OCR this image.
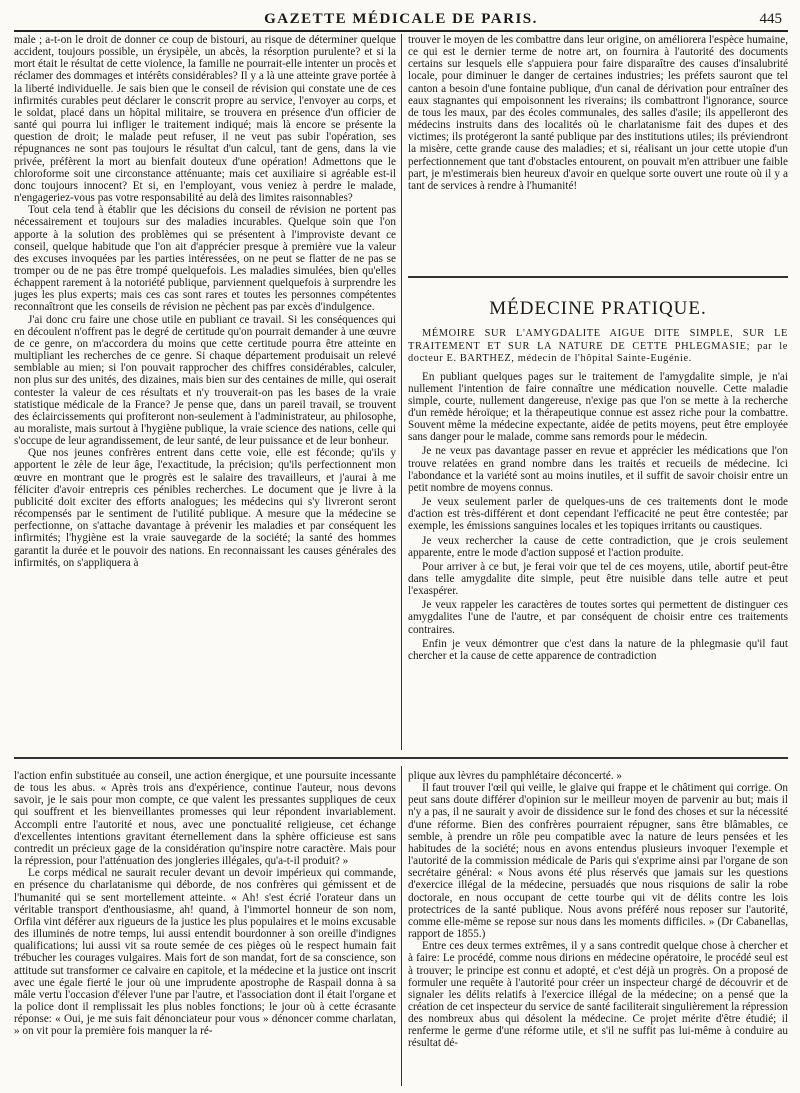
GAZETTE MÉDICALE DE PARIS.	445

male ; a-t-on le droit de donner ce coup de bistouri, au risque de déterminer quelque accident, toujours possible, un érysipèle, un abcès, la résorption purulente? et si la mort était le résultat de cette violence, la famille ne pourrait-elle intenter un procès et réclamer des dommages et intérêts considérables? Il y a là une atteinte grave portée à la liberté individuelle. Je sais bien que le conseil de révision qui constate une de ces infirmités curables peut déclarer le conscrit propre au service, l'envoyer au corps, et le soldat, placé dans un hôpital militaire, se trouvera en présence d'un officier de santé qui pourra lui infliger le traitement indiqué; mais là encore se présente la question de droit; le malade peut refuser, il ne veut pas subir l'opération, ses répugnances ne sont pas toujours le résultat d'un calcul, tant de gens, dans la vie privée, préfèrent la mort au bienfait douteux d'une opération! Admettons que le chloroforme soit une circonstance atténuante; mais cet auxiliaire si agréable est-il donc toujours innocent? Et si, en l'employant, vous veniez à perdre le malade, n'engageriez-vous pas votre responsabilité au delà des limites raisonnables?

Tout cela tend à établir que les décisions du conseil de révision ne portent pas nécessairement et toujours sur des maladies incurables. Quelque soin que l'on apporte à la solution des problèmes qui se présentent à l'improviste devant ce conseil, quelque habitude que l'on ait d'apprécier presque à première vue la valeur des excuses invoquées par les parties intéressées, on ne peut se flatter de ne pas se tromper ou de ne pas être trompé quelquefois. Les maladies simulées, bien qu'elles échappent rarement à la notoriété publique, parviennent quelquefois à surprendre les juges les plus experts; mais ces cas sont rares et toutes les personnes compétentes reconnaîtront que les conseils de révision ne pèchent pas par excès d'indulgence.

J'ai donc cru faire une chose utile en publiant ce travail. Si les conséquences qui en découlent n'offrent pas le degré de certitude qu'on pourrait demander à une œuvre de ce genre, on m'accordera du moins que cette certitude pourra être atteinte en multipliant les recherches de ce genre. Si chaque département produisait un relevé semblable au mien; si l'on pouvait rapprocher des chiffres considérables, calculer, non plus sur des unités, des dizaines, mais bien sur des centaines de mille, qui oserait contester la valeur de ces résultats et n'y trouverait-on pas les bases de la vraie statistique médicale de la France? Je pense que, dans un pareil travail, se trouvent des éclaircissements qui profiteront non-seulement à l'administrateur, au philosophe, au moraliste, mais surtout à l'hygiène publique, la vraie science des nations, celle qui s'occupe de leur agrandissement, de leur santé, de leur puissance et de leur bonheur.

Que nos jeunes confrères entrent dans cette voie, elle est féconde; qu'ils y apportent le zèle de leur âge, l'exactitude, la précision; qu'ils perfectionnent mon œuvre en montrant que le progrès est le salaire des travailleurs, et j'aurai à me féliciter d'avoir entrepris ces pénibles recherches. Le document que je livre à la publicité doit exciter des efforts analogues; les médecins qui s'y livreront seront récompensés par le sentiment de l'utilité publique. A mesure que la médecine se perfectionne, on s'attache davantage à prévenir les maladies et par conséquent les infirmités; l'hygiène est la vraie sauvegarde de la société; la santé des hommes garantit la durée et le pouvoir des nations. En reconnaissant les causes générales des infirmités, on s'appliquera à

trouver le moyen de les combattre dans leur origine, on améliorera l'espèce humaine, ce qui est le dernier terme de notre art, on fournira à l'autorité des documents certains sur lesquels elle s'appuiera pour faire disparaître des causes d'insalubrité locale, pour diminuer le danger de certaines industries; les préfets sauront que tel canton a besoin d'une fontaine publique, d'un canal de dérivation pour entraîner des eaux stagnantes qui empoisonnent les riverains; ils combattront l'ignorance, source de tous les maux, par des écoles communales, des salles d'asile; ils appelleront des médecins instruits dans des localités où le charlatanisme fait des dupes et des victimes; ils protégeront la santé publique par des institutions utiles; ils préviendront la misère, cette grande cause des maladies; et si, réalisant un jour cette utopie d'un perfectionnement que tant d'obstacles entourent, on pouvait m'en attribuer une faible part, je m'estimerais bien heureux d'avoir en quelque sorte ouvert une route où il y a tant de services à rendre à l'humanité!

MÉDECINE PRATIQUE.
MÉMOIRE SUR L'AMYGDALITE AIGUE DITE SIMPLE, SUR LE TRAITEMENT ET SUR LA NATURE DE CETTE PHLEGMASIE; par le docteur E. BARTHEZ, médecin de l'hôpital Sainte-Eugénie.

En publiant quelques pages sur le traitement de l'amygdalite simple, je n'ai nullement l'intention de faire connaître une médication nouvelle. Cette maladie simple, courte, nullement dangereuse, n'exige pas que l'on se mette à la recherche d'un remède héroïque; et la thérapeutique connue est assez riche pour la combattre. Souvent même la médecine expectante, aidée de petits moyens, peut être employée sans danger pour le malade, comme sans remords pour le médecin.

Je ne veux pas davantage passer en revue et apprécier les médications que l'on trouve relatées en grand nombre dans les traités et recueils de médecine. Ici l'abondance et la variété sont au moins inutiles, et il suffit de savoir choisir entre un petit nombre de moyens connus.

Je veux seulement parler de quelques-uns de ces traitements dont le mode d'action est très-différent et dont cependant l'efficacité ne peut être contestée; par exemple, les émissions sanguines locales et les topiques irritants ou caustiques.

Je veux rechercher la cause de cette contradiction, que je crois seulement apparente, entre le mode d'action supposé et l'action produite.

Pour arriver à ce but, je ferai voir que tel de ces moyens, utile, abortif peut-être dans telle amygdalite dite simple, peut être nuisible dans telle autre et peut l'exaspérer.

Je veux rappeler les caractères de toutes sortes qui permettent de distinguer ces amygdalites l'une de l'autre, et par conséquent de choisir entre ces traitements contraires.

Enfin je veux démontrer que c'est dans la nature de la phlegmasie qu'il faut chercher et la cause de cette apparence de contradiction

l'action enfin substituée au conseil, une action énergique, et une poursuite incessante de tous les abus. « Après trois ans d'expérience, continue l'auteur, nous devons savoir, je le sais pour mon compte, ce que valent les pressantes suppliques de ceux qui souffrent et les bienveillantes promesses qui leur répondent invariablement. Accompli entre l'autorité et nous, avec une ponctualité religieuse, cet échange d'excellentes intentions gravitant éternellement dans la sphère officieuse est sans contredit un précieux gage de la considération qu'inspire notre caractère. Mais pour la répression, pour l'atténuation des jongleries illégales, qu'a-t-il produit? »

Le corps médical ne saurait reculer devant un devoir impérieux qui commande, en présence du charlatanisme qui déborde, de nos confrères qui gémissent et de l'humanité qui se sent mortellement atteinte. « Ah! s'est écrié l'orateur dans un véritable transport d'enthousiasme, ah! quand, à l'immortel honneur de son nom, Orfila vint déférer aux rigueurs de la justice les plus populaires et le moins excusable des illuminés de notre temps, lui aussi entendit bourdonner à son oreille d'indignes qualifications; lui aussi vit sa route semée de ces pièges où le respect humain fait trébucher les courages vulgaires. Mais fort de son mandat, fort de sa conscience, son attitude sut transformer ce calvaire en capitole, et la médecine et la justice ont inscrit avec une égale fierté le jour où une imprudente apostrophe de Raspail donna à sa mâle vertu l'occasion d'élever l'une par l'autre, et l'association dont il était l'organe et la police dont il remplissait les plus nobles fonctions; le jour où à cette écrasante réponse: « Oui, je me suis fait dénonciateur pour vous » dénoncer comme charlatan, » on vit pour la première fois manquer la ré-

plique aux lèvres du pamphlétaire déconcerté. »

Il faut trouver l'œil qui veille, le glaive qui frappe et le châtiment qui corrige. On peut sans doute différer d'opinion sur le meilleur moyen de parvenir au but; mais il n'y a pas, il ne saurait y avoir de dissidence sur le fond des choses et sur la nécessité d'une réforme. Bien des confrères pourraient répugner, sans être blâmables, ce semble, à prendre un rôle peu compatible avec la nature de leurs pensées et les habitudes de la société; nous en avons entendus plusieurs invoquer l'exemple et l'autorité de la commission médicale de Paris qui s'exprime ainsi par l'organe de son secrétaire général: « Nous avons été plus réservés que jamais sur les questions d'exercice illégal de la médecine, persuadés que nous risquions de salir la robe doctorale, en nous occupant de cette tourbe qui vit de délits contre les lois protectrices de la santé publique. Nous avons préféré nous reposer sur l'autorité, comme elle-même se repose sur nous dans les moments difficiles. » (Dr Cabanellas, rapport de 1855.)

Entre ces deux termes extrêmes, il y a sans contredit quelque chose à chercher et à faire: Le procédé, comme nous dirions en médecine opératoire, le procédé seul est à trouver; le principe est connu et adopté, et c'est déjà un progrès. On a proposé de formuler une requête à l'autorité pour créer un inspecteur chargé de découvrir et de signaler les délits relatifs à l'exercice illégal de la médecine; on a pensé que la création de cet inspecteur du service de santé faciliterait singulièrement la répression des nombreux abus qui désolent la médecine. Ce projet mérite d'être étudié; il renferme le germe d'une réforme utile, et s'il ne suffit pas lui-même à conduire au résultat dé-
